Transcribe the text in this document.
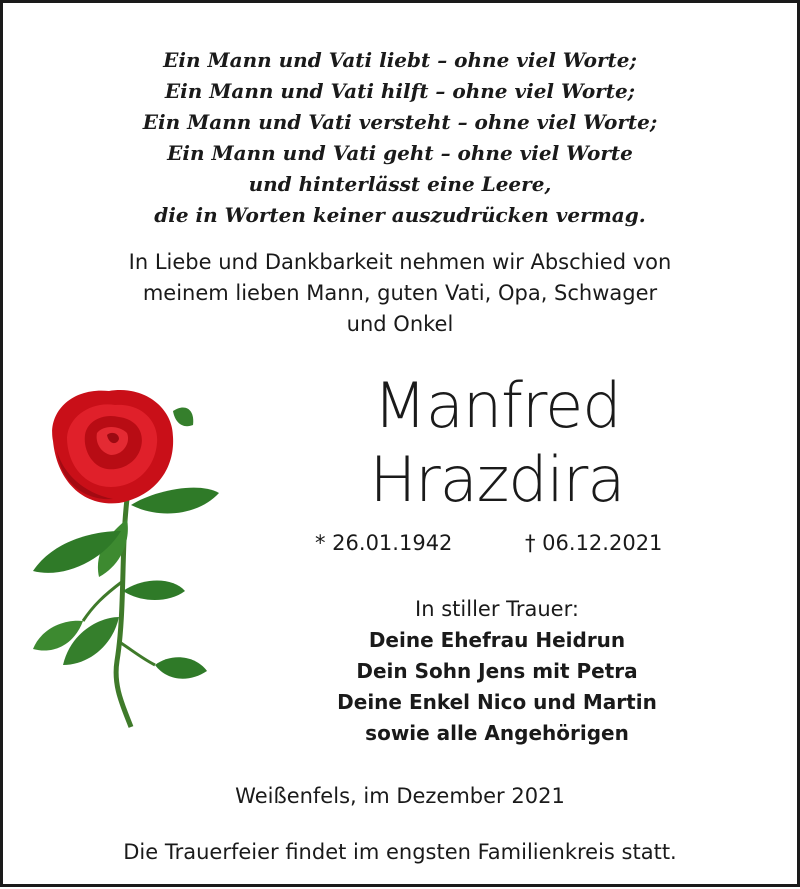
Ein Mann und Vati liebt – ohne viel Worte;
Ein Mann und Vati hilft – ohne viel Worte;
Ein Mann und Vati versteht – ohne viel Worte;
Ein Mann und Vati geht – ohne viel Worte
und hinterlässt eine Leere,
die in Worten keiner auszudrücken vermag.
In Liebe und Dankbarkeit nehmen wir Abschied von
meinem lieben Mann, guten Vati, Opa, Schwager
und Onkel
Manfred
Hrazdira
* 26.01.1942	† 06.12.2021
In stiller Trauer:
Deine Ehefrau Heidrun
Dein Sohn Jens mit Petra
Deine Enkel Nico und Martin
sowie alle Angehörigen
Weißenfels, im Dezember 2021
Die Trauerfeier findet im engsten Familienkreis statt.
